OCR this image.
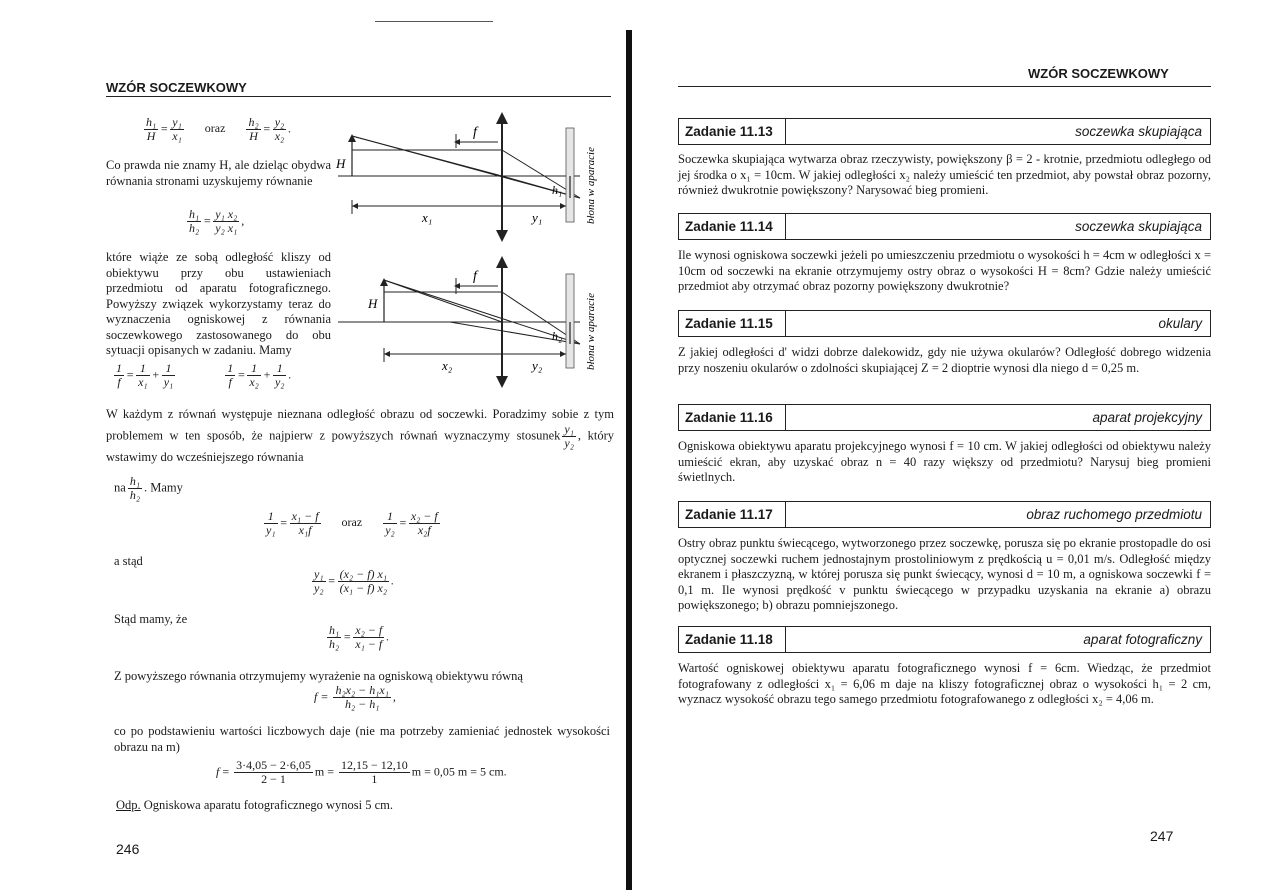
WZÓR SOCZEWKOWY
$\frac{\text{h₁}}{H} = \frac{\text{y₁}}{\text{x₁}}$ oraz $\frac{\text{h₂}}{H} = \frac{\text{y₂}}{\text{x₂}}$ .
Co prawda nie znamy H, ale dzieląc obydwa równania stronami uzyskujemy równanie
$\frac{\text{h₁}}{\text{h₂}} = \frac{\text{y₁ x₂}}{\text{y₂ x₁}}$ ,
które wiąże ze sobą odległość kliszy od obiektywu przy obu ustawieniach przedmiotu od aparatu fotograficznego. Powyższy związek wykorzystamy teraz do wyznaczenia ogniskowej z równania soczewkowego zastosowanego do obu sytuacji opisanych w zadaniu. Mamy
$\frac{1}{f} = \frac{1}{\text{x₁}} + \frac{1}{\text{y₁}}$
	$\frac{1}{f} = \frac{1}{\text{x₂}} + \frac{1}{\text{y₂}}$ .
W każdym z równań występuje nieznana odległość obrazu od soczewki. Poradzimy sobie z tym problemem w ten sposób, że najpierw z powyższych równań wyznaczymy stosunek $\frac{\text{y₁}}{\text{y₂}}$ , który wstawimy do wcześniejszego równania
na $\frac{\text{h₁}}{\text{h₂}}$ . Mamy
$\frac{1}{\text{y₁}} = \frac{\text{x₁ − f}}{\text{x₁f}}$ oraz $\frac{1}{\text{y₂}} = \frac{\text{x₂ − f}}{\text{x₂f}}$
a stąd
$\frac{\text{y₁}}{\text{y₂}} = \frac{\text{(x₂ − f) x₁}}{\text{(x₁ − f) x₂}}$ .
Stąd mamy, że
$\frac{\text{h₁}}{\text{h₂}} = \frac{\text{x₂ − f}}{\text{x₁ − f}}$ .
Z powyższego równania otrzymujemy wyrażenie na ogniskową obiektywu równą
$f = \frac{\text{h₂x₂ − h₁x₁}}{\text{h₂ − h₁}}$ ,
co po podstawieniu wartości liczbowych daje (nie ma potrzeby zamieniać jednostek wysokości obrazu na m)
$f = \frac{3\cdot 4,05 - 2\cdot 6,05}{2 - 1}$ $m = \frac{12,15 - 12,10}{1}$ m = 0,05 m = 5 cm.
Odp. Ogniskowa aparatu fotograficznego wynosi 5 cm.
246
f
H
h₁
x₁	y₁	błona w aparacie
f
H
h₂
x₂	y₂	błona w aparacie
WZÓR SOCZEWKOWY
Zadanie 11.13	soczewka skupiająca
Soczewka skupiająca wytwarza obraz rzeczywisty, powiększony β = 2 - krotnie, przedmiotu odległego od jej środka o x₁ = 10cm. W jakiej odległości x₂ należy umieścić ten przedmiot, aby powstał obraz pozorny, również dwukrotnie powiększony? Narysować bieg promieni.
Zadanie 11.14	soczewka skupiająca
Ile wynosi ogniskowa soczewki jeżeli po umieszczeniu przedmiotu o wysokości h = 4cm w odległości x = 10cm od soczewki na ekranie otrzymujemy ostry obraz o wysokości H = 8cm? Gdzie należy umieścić przedmiot aby otrzymać obraz pozorny powiększony dwukrotnie?
Zadanie 11.15	okulary
Z jakiej odległości d' widzi dobrze dalekowidz, gdy nie używa okularów? Odległość dobrego widzenia przy noszeniu okularów o zdolności skupiającej Z = 2 dioptrie wynosi dla niego d = 0,25 m.
Zadanie 11.16	aparat projekcyjny
Ogniskowa obiektywu aparatu projekcyjnego wynosi f = 10 cm. W jakiej odległości od obiektywu należy umieścić ekran, aby uzyskać obraz n = 40 razy większy od przedmiotu? Narysuj bieg promieni świetlnych.
Zadanie 11.17	obraz ruchomego przedmiotu
Ostry obraz punktu świecącego, wytworzonego przez soczewkę, porusza się po ekranie prostopadle do osi optycznej soczewki ruchem jednostajnym prostoliniowym z prędkością u = 0,01 m/s. Odległość między ekranem i płaszczyzną, w której porusza się punkt świecący, wynosi d = 10 m, a ogniskowa soczewki f = 0,1 m. Ile wynosi prędkość v punktu świecącego w przypadku uzyskania na ekranie a) obrazu powiększonego; b) obrazu pomniejszonego.
Zadanie 11.18	aparat fotograficzny
Wartość ogniskowej obiektywu aparatu fotograficznego wynosi f = 6cm. Wiedząc, że przedmiot fotografowany z odległości x₁ = 6,06 m daje na kliszy fotograficznej obraz o wysokości h₁ = 2 cm, wyznacz wysokość obrazu tego samego przedmiotu fotografowanego z odległości x₂ = 4,06 m.
247
